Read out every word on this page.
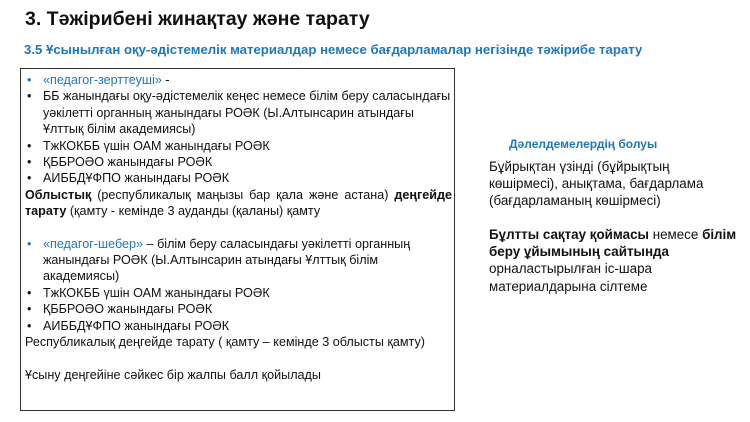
3. Тәжірибені жинақтау және тарату
3.5 Ұсынылған оқу-әдістемелік материалдар немесе бағдарламалар негізінде тәжірибе тарату
• «педагог-зерттеуші» -
• ББ жанындағы оқу-әдістемелік кеңес немесе білім беру саласындағы уәкілетті органның жанындағы РОӘК (Ы.Алтынсарин атындағы Ұлттық білім академиясы)
• ТжКОКББ үшін ОАМ жанындағы РОӘК
• ҚББРОӘО жанындағы РОӘК
• АИББДҰФПО жанындағы РОӘК
Облыстық (республикалық маңызы бар қала және астана) деңгейде тарату (қамту - кемінде 3 ауданды (қаланы) қамту
• «педагог-шебер» – білім беру саласындағы уәкілетті органның жанындағы РОӘК (Ы.Алтынсарин атындағы Ұлттық білім академиясы)
• ТжКОКББ үшін ОАМ жанындағы РОӘК
• ҚББРОӘО жанындағы РОӘК
• АИББДҰФПО жанындағы РОӘК
Республикалық деңгейде тарату ( қамту – кемінде 3 облысты қамту)
Ұсыну деңгейіне сәйкес бір жалпы балл қойылады
Дәлелдемелердің болуы
Бұйрықтан үзінді (бұйрықтың көшірмесі), анықтама, бағдарлама (бағдарламаның көшірмесі)
Бұлтты сақтау қоймасы немесе білім беру ұйымының сайтында орналастырылған іс-шара материалдарына сілтеме
